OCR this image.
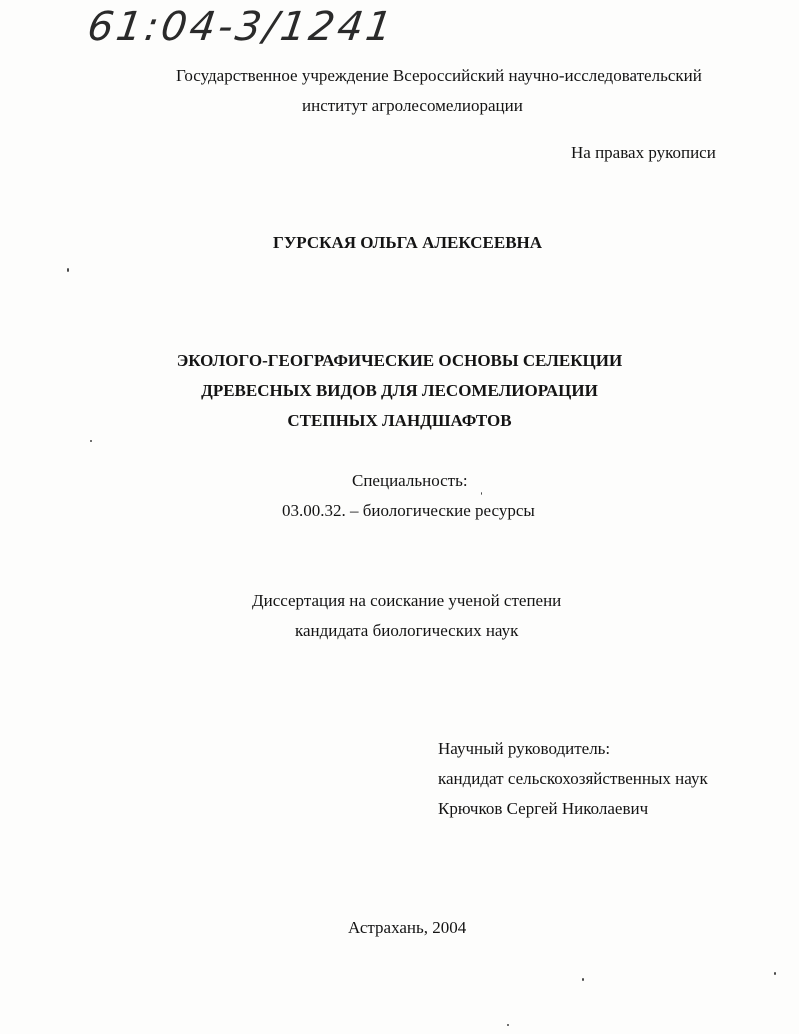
61:04-3/1241
Государственное учреждение Всероссийский научно-исследовательский
институт агролесомелиорации
На правах рукописи
ГУРСКАЯ ОЛЬГА АЛЕКСЕЕВНА
ЭКОЛОГО-ГЕОГРАФИЧЕСКИЕ ОСНОВЫ СЕЛЕКЦИИ
ДРЕВЕСНЫХ ВИДОВ ДЛЯ ЛЕСОМЕЛИОРАЦИИ
СТЕПНЫХ ЛАНДШАФТОВ
Специальность:
03.00.32. – биологические ресурсы
Диссертация на соискание ученой степени
кандидата биологических наук
Научный руководитель:
кандидат сельскохозяйственных наук
Крючков Сергей Николаевич
Астрахань, 2004
